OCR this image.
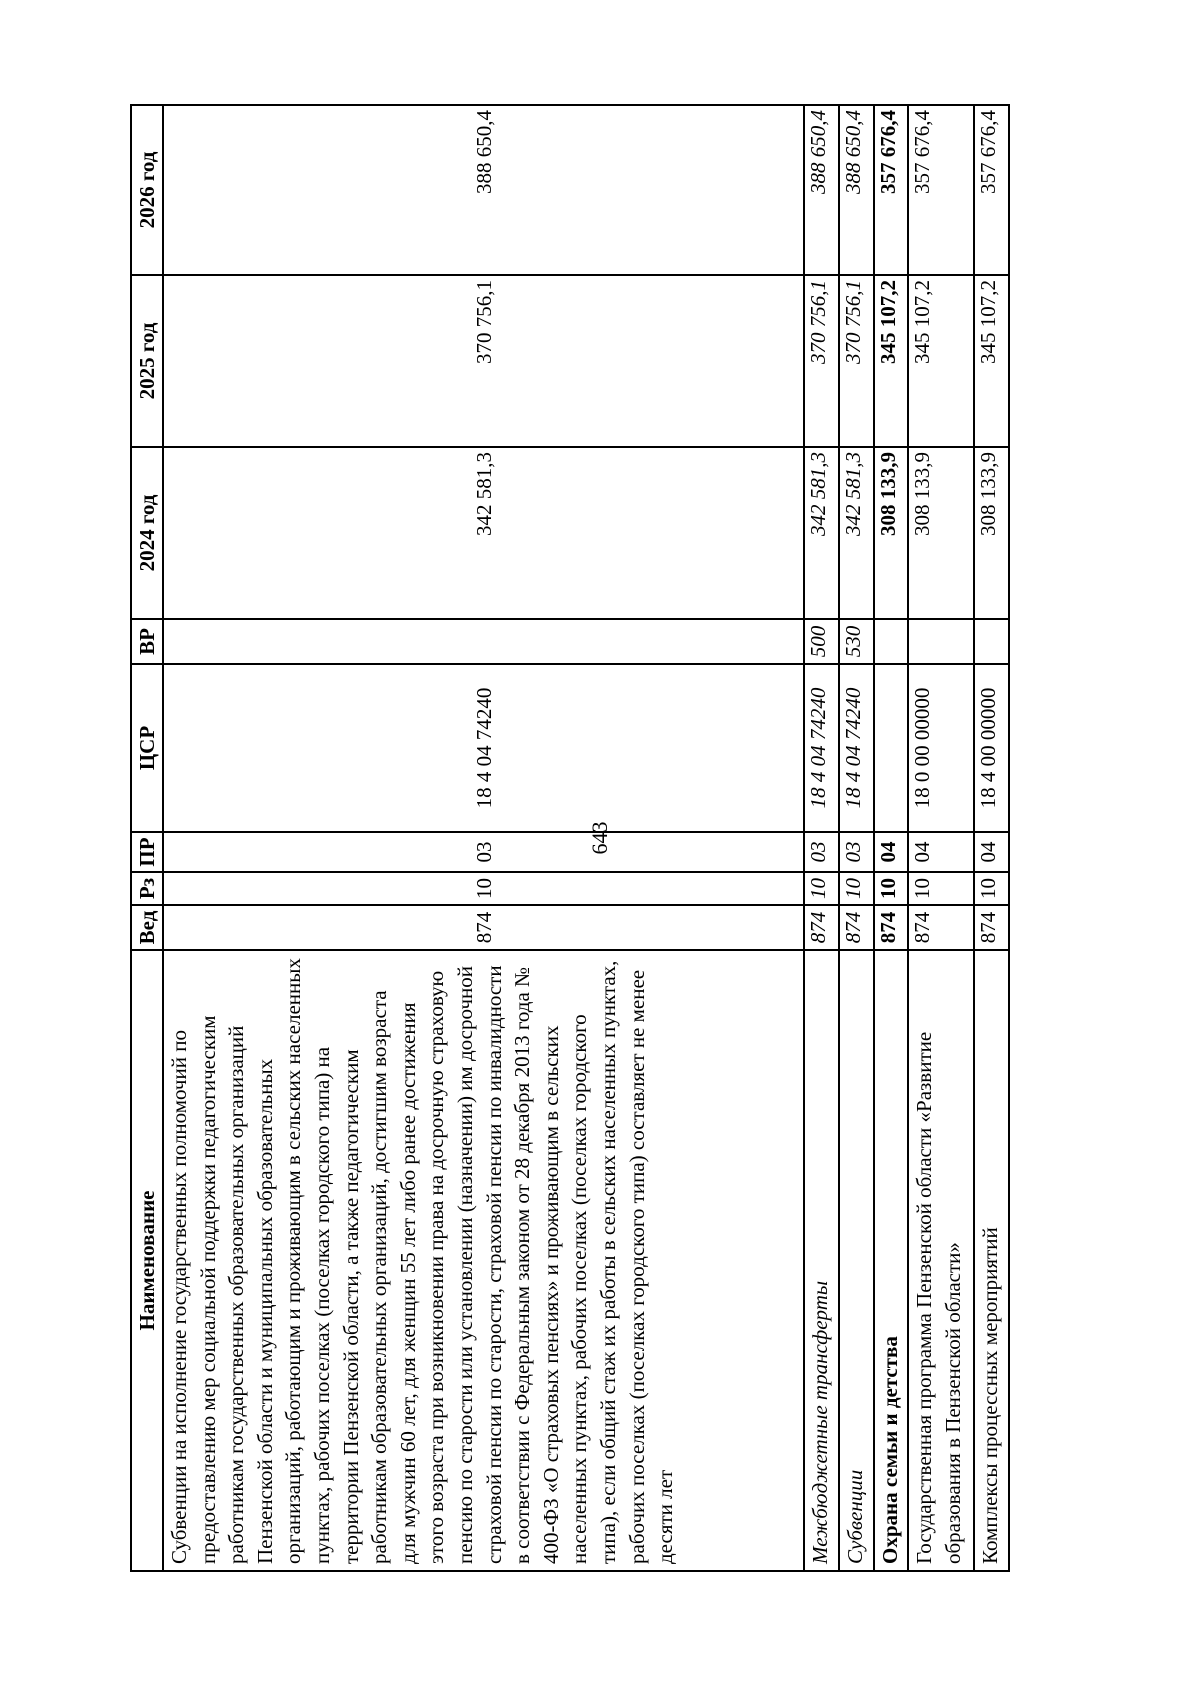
643
Наименование	Вед	Рз	ПР	ЦСР	ВР	2024 год	2025 год	2026 год
Субвенции на исполнение государственных полномочий по предоставлению мер социальной поддержки педагогическим работникам государственных образовательных организаций Пензенской области и муниципальных образовательных организаций, работающим и проживающим в сельских населенных пунктах, рабочих поселках (поселках городского типа) на территории Пензенской области, а также педагогическим работникам образовательных организаций, достигшим возраста для мужчин 60 лет, для женщин 55 лет либо ранее достижения этого возраста при возникновении права на досрочную страховую пенсию по старости или установлении (назначении) им досрочной страховой пенсии по старости, страховой пенсии по инвалидности в соответствии с Федеральным законом от 28 декабря 2013 года № 400-ФЗ «О страховых пенсиях» и проживающим в сельских населенных пунктах, рабочих поселках (поселках городского типа), если общий стаж их работы в сельских населенных пунктах, рабочих поселках (поселках городского типа) составляет не менее десяти лет	874	10	03	18 4 04 74240		342 581,3	370 756,1	388 650,4
Межбюджетные трансферты	874	10	03	18 4 04 74240	500	342 581,3	370 756,1	388 650,4
Субвенции	874	10	03	18 4 04 74240	530	342 581,3	370 756,1	388 650,4
Охрана семьи и детства	874	10	04			308 133,9	345 107,2	357 676,4
Государственная программа Пензенской области «Развитие образования в Пензенской области»	874	10	04	18 0 00 00000		308 133,9	345 107,2	357 676,4
Комплексы процессных мероприятий	874	10	04	18 4 00 00000		308 133,9	345 107,2	357 676,4
